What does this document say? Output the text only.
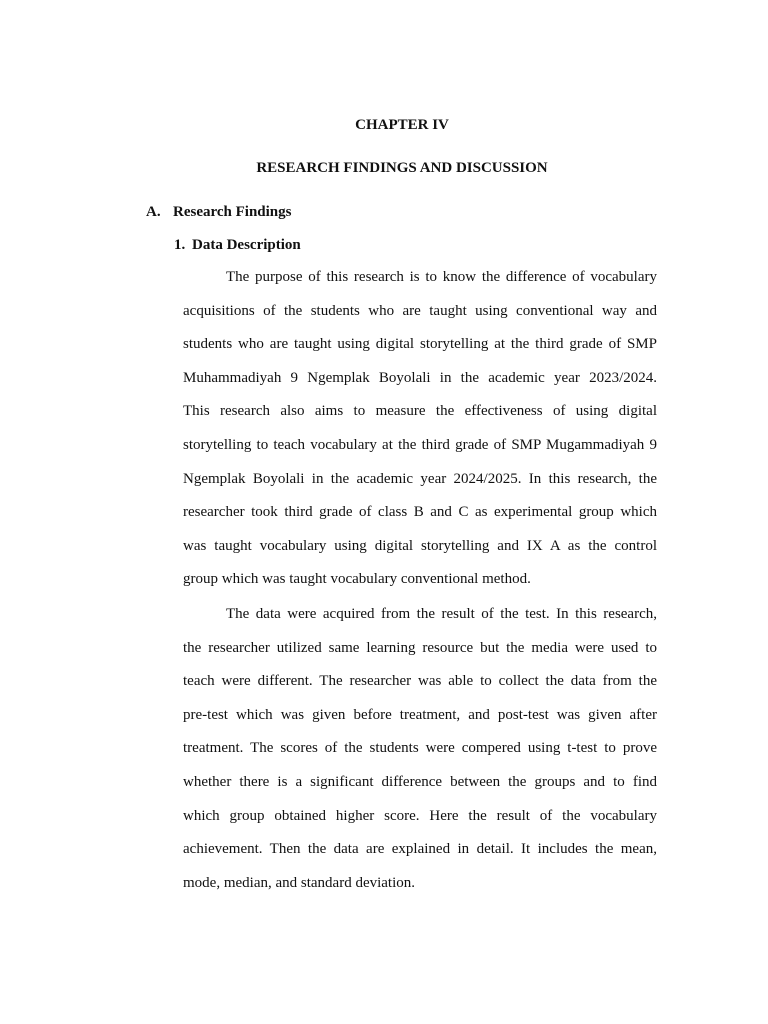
CHAPTER IV
RESEARCH FINDINGS AND DISCUSSION
A. Research Findings
1. Data Description
The purpose of this research is to know the difference of vocabulary
acquisitions of the students who are taught using conventional way and
students who are taught using digital storytelling at the third grade of SMP
Muhammadiyah 9 Ngemplak Boyolali in the academic year 2023/2024.
This research also aims to measure the effectiveness of using digital
storytelling to teach vocabulary at the third grade of SMP Mugammadiyah 9
Ngemplak Boyolali in the academic year 2024/2025. In this research, the
researcher took third grade of class B and C as experimental group which
was taught vocabulary using digital storytelling and IX A as the control
group which was taught vocabulary conventional method.
The data were acquired from the result of the test. In this research,
the researcher utilized same learning resource but the media were used to
teach were different. The researcher was able to collect the data from the
pre-test which was given before treatment, and post-test was given after
treatment. The scores of the students were compered using t-test to prove
whether there is a significant difference between the groups and to find
which group obtained higher score. Here the result of the vocabulary
achievement. Then the data are explained in detail. It includes the mean,
mode, median, and standard deviation.
